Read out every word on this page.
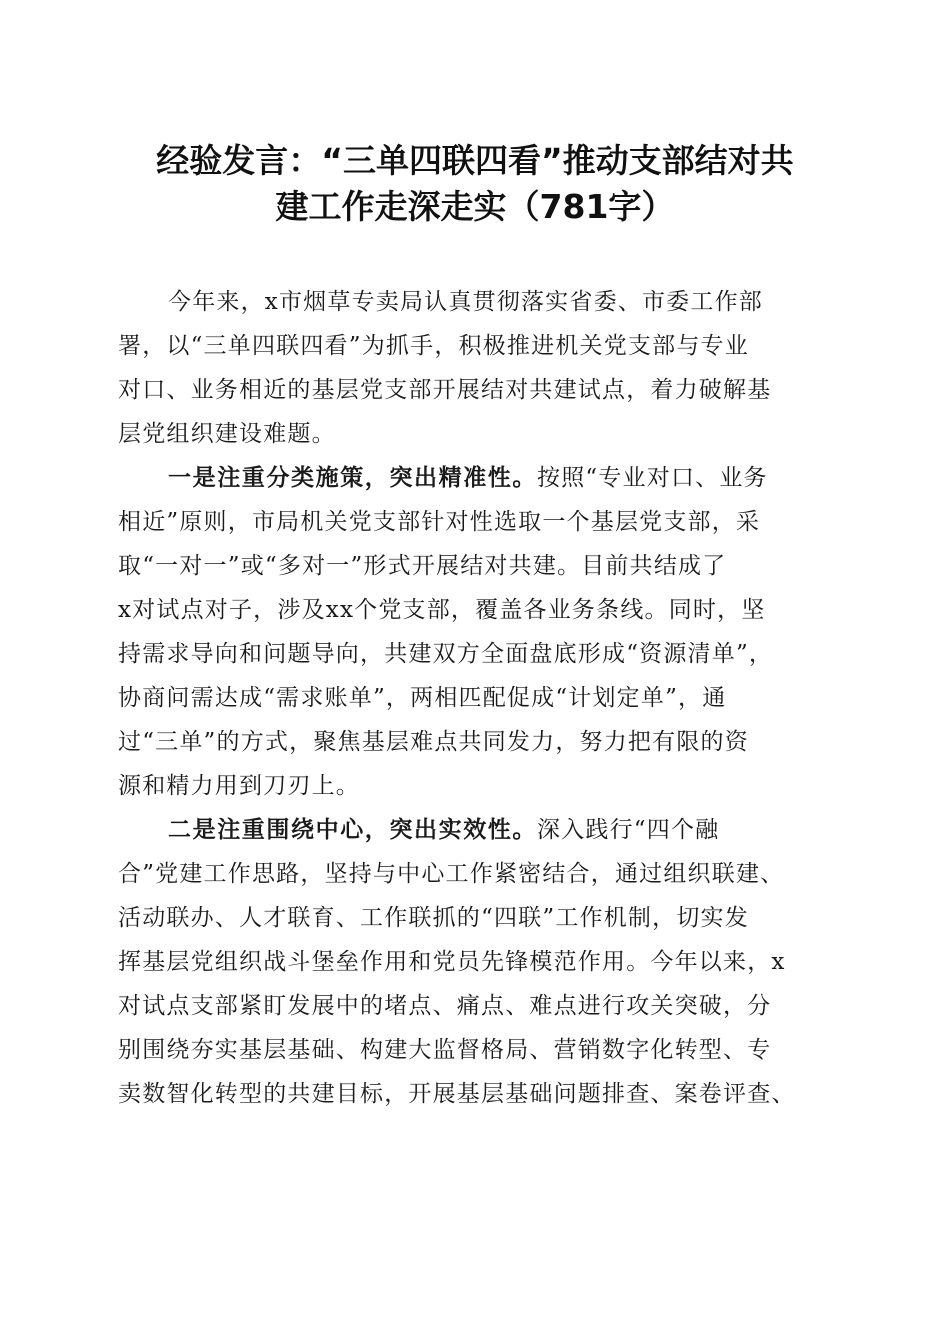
经验发言：“三单四联四看”推动支部结对共
建工作走深走实（781字）
今年来，x市烟草专卖局认真贯彻落实省委、市委工作部
署，以“三单四联四看”为抓手，积极推进机关党支部与专业
对口、业务相近的基层党支部开展结对共建试点，着力破解基
层党组织建设难题。
一是注重分类施策，突出精准性。按照“专业对口、业务
相近”原则，市局机关党支部针对性选取一个基层党支部，采
取“一对一”或“多对一”形式开展结对共建。目前共结成了
x对试点对子，涉及xx个党支部，覆盖各业务条线。同时，坚
持需求导向和问题导向，共建双方全面盘底形成“资源清单”，
协商问需达成“需求账单”，两相匹配促成“计划定单”，通
过“三单”的方式，聚焦基层难点共同发力，努力把有限的资
源和精力用到刀刃上。
二是注重围绕中心，突出实效性。深入践行“四个融
合”党建工作思路，坚持与中心工作紧密结合，通过组织联建、
活动联办、人才联育、工作联抓的“四联”工作机制，切实发
挥基层党组织战斗堡垒作用和党员先锋模范作用。今年以来，x
对试点支部紧盯发展中的堵点、痛点、难点进行攻关突破，分
别围绕夯实基层基础、构建大监督格局、营销数字化转型、专
卖数智化转型的共建目标，开展基层基础问题排查、案卷评查、
